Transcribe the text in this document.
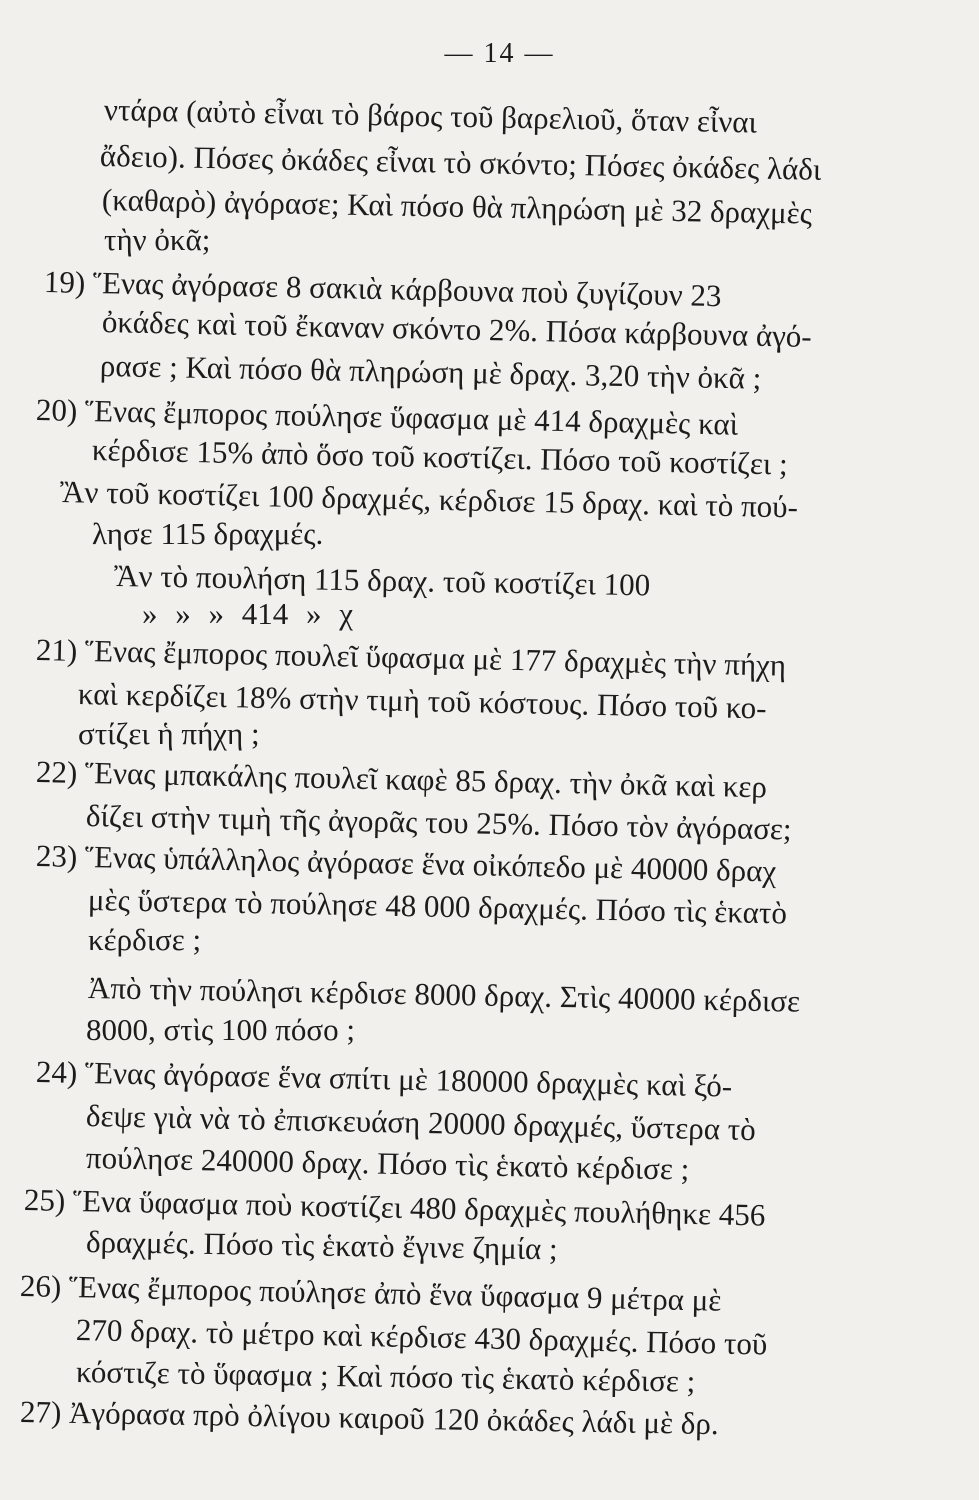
— 14 —
ντάρα (αὐτὸ εἶναι τὸ βάρος τοῦ βαρελιοῦ, ὅταν εἶναι
ἄδειο). Πόσες ὀκάδες εἶναι τὸ σκόντο; Πόσες ὀκάδες λάδι
(καθαρὸ) ἀγόρασε; Καὶ πόσο θὰ πληρώση μὲ 32 δραχμὲς
τὴν ὀκᾶ;
19) Ἕνας ἀγόρασε 8 σακιὰ κάρβουνα ποὺ ζυγίζουν 23
ὀκάδες καὶ τοῦ ἔκαναν σκόντο 2%. Πόσα κάρβουνα ἀγό-
ρασε ; Καὶ πόσο θὰ πληρώση μὲ δραχ. 3,20 τὴν ὀκᾶ ;
20) Ἕνας ἔμπορος πούλησε ὕφασμα μὲ 414 δραχμὲς καὶ
κέρδισε 15% ἀπὸ ὅσο τοῦ κοστίζει. Πόσο τοῦ κοστίζει ;
Ἂν τοῦ κοστίζει 100 δραχμές, κέρδισε 15 δραχ. καὶ τὸ πού-
λησε 115 δραχμές.
Ἂν τὸ πουλήση 115 δραχ. τοῦ κοστίζει 100
» » » 414 » χ
21) Ἕνας ἔμπορος πουλεῖ ὕφασμα μὲ 177 δραχμὲς τὴν πήχη
καὶ κερδίζει 18% στὴν τιμὴ τοῦ κόστους. Πόσο τοῦ κο-
στίζει ἡ πήχη ;
22) Ἕνας μπακάλης πουλεῖ καφὲ 85 δραχ. τὴν ὀκᾶ καὶ κερ
δίζει στὴν τιμὴ τῆς ἀγορᾶς του 25%. Πόσο τὸν ἀγόρασε;
23) Ἕνας ὑπάλληλος ἀγόρασε ἕνα οἰκόπεδο μὲ 40000 δραχ
μὲς ὕστερα τὸ πούλησε 48 000 δραχμές. Πόσο τὶς ἑκατὸ
κέρδισε ;
Ἀπὸ τὴν πούλησι κέρδισε 8000 δραχ. Στὶς 40000 κέρδισε
8000, στὶς 100 πόσο ;
24) Ἕνας ἀγόρασε ἕνα σπίτι μὲ 180000 δραχμὲς καὶ ξό-
δεψε γιὰ νὰ τὸ ἐπισκευάση 20000 δραχμές, ὕστερα τὸ
πούλησε 240000 δραχ. Πόσο τὶς ἑκατὸ κέρδισε ;
25) Ἕνα ὕφασμα ποὺ κοστίζει 480 δραχμὲς πουλήθηκε 456
δραχμές. Πόσο τὶς ἑκατὸ ἔγινε ζημία ;
26) Ἕνας ἔμπορος πούλησε ἀπὸ ἕνα ὕφασμα 9 μέτρα μὲ
270 δραχ. τὸ μέτρο καὶ κέρδισε 430 δραχμές. Πόσο τοῦ
κόστιζε τὸ ὕφασμα ; Καὶ πόσο τὶς ἑκατὸ κέρδισε ;
27) Ἀγόρασα πρὸ ὀλίγου καιροῦ 120 ὀκάδες λάδι μὲ δρ.
